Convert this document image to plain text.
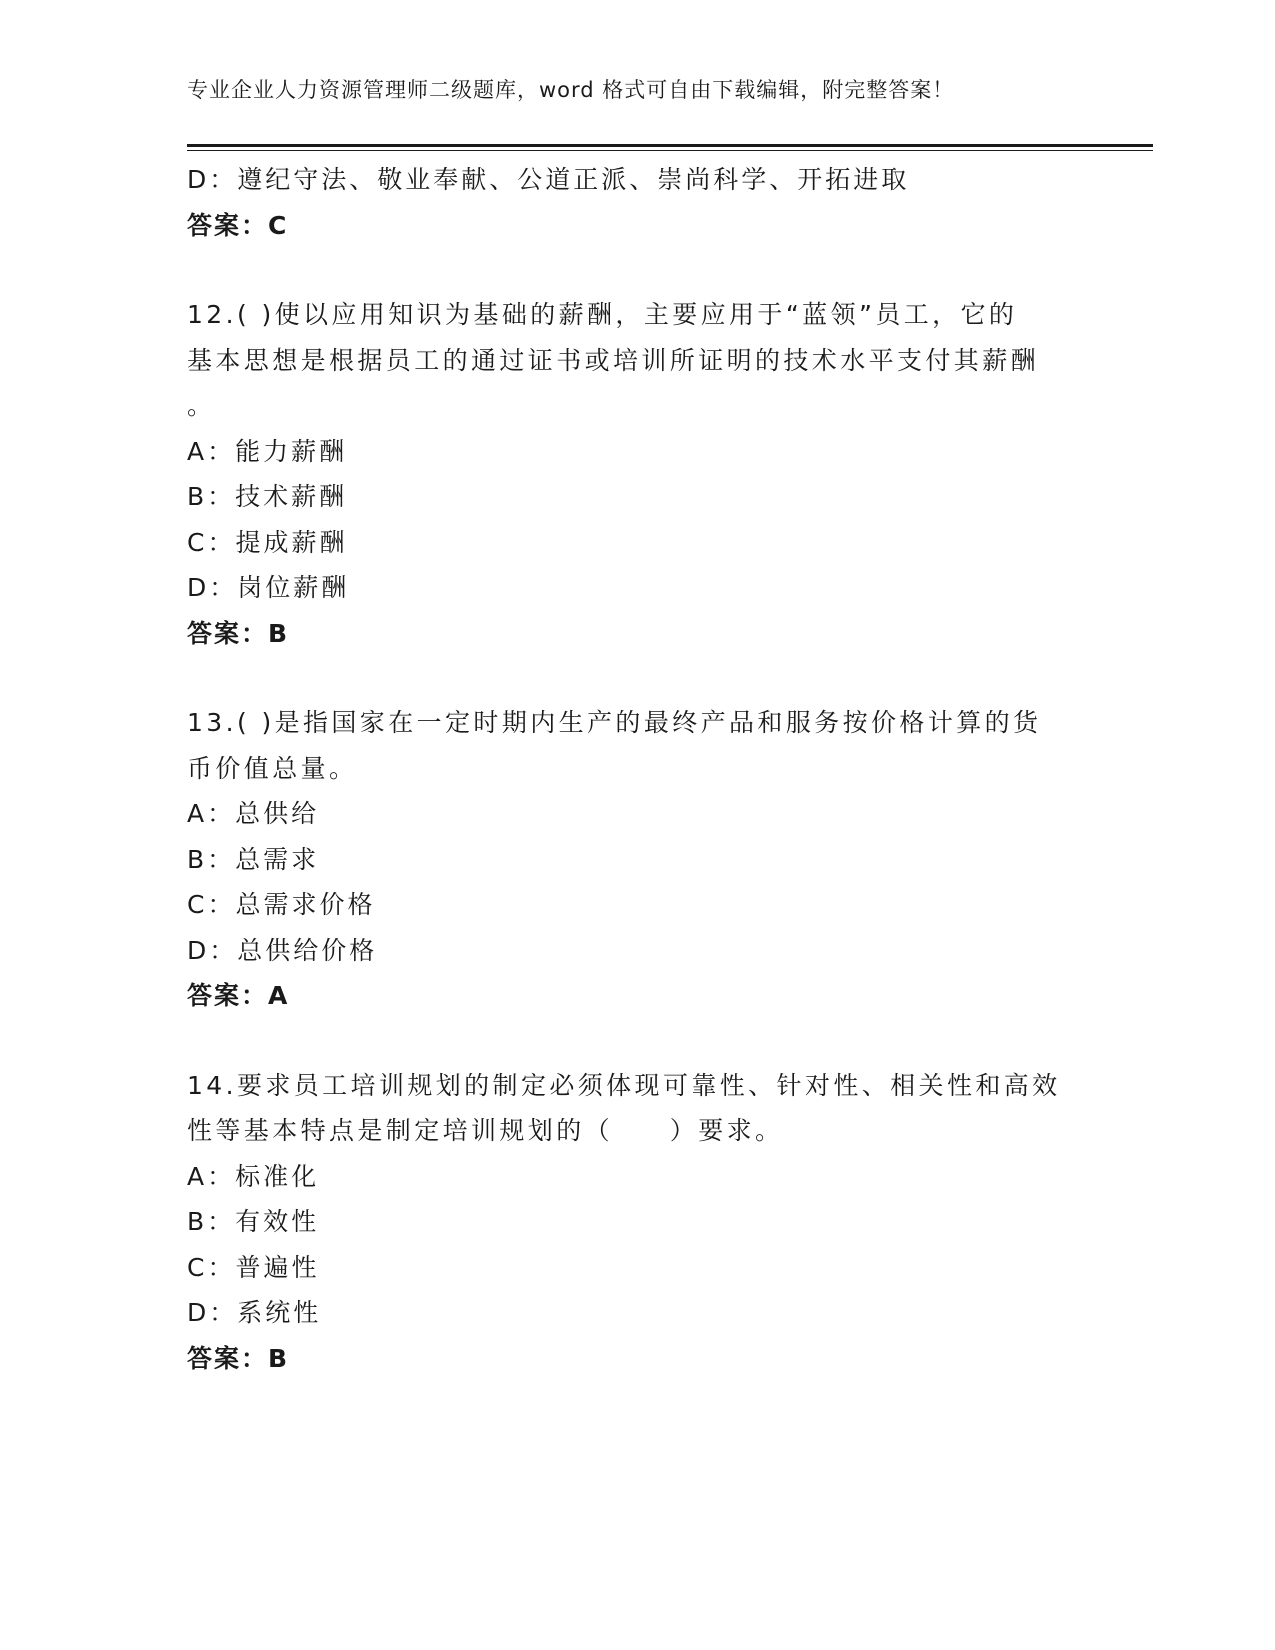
专业企业人力资源管理师二级题库，word 格式可自由下载编辑，附完整答案！
D：遵纪守法、敬业奉献、公道正派、崇尚科学、开拓进取
答案：C
12.( )使以应用知识为基础的薪酬，主要应用于“蓝领”员工，它的
基本思想是根据员工的通过证书或培训所证明的技术水平支付其薪酬
。
A：能力薪酬
B：技术薪酬
C：提成薪酬
D：岗位薪酬
答案：B
13.( )是指国家在一定时期内生产的最终产品和服务按价格计算的货
币价值总量。
A：总供给
B：总需求
C：总需求价格
D：总供给价格
答案：A
14.要求员工培训规划的制定必须体现可靠性、针对性、相关性和高效
性等基本特点是制定培训规划的（　　）要求。
A：标准化
B：有效性
C：普遍性
D：系统性
答案：B
